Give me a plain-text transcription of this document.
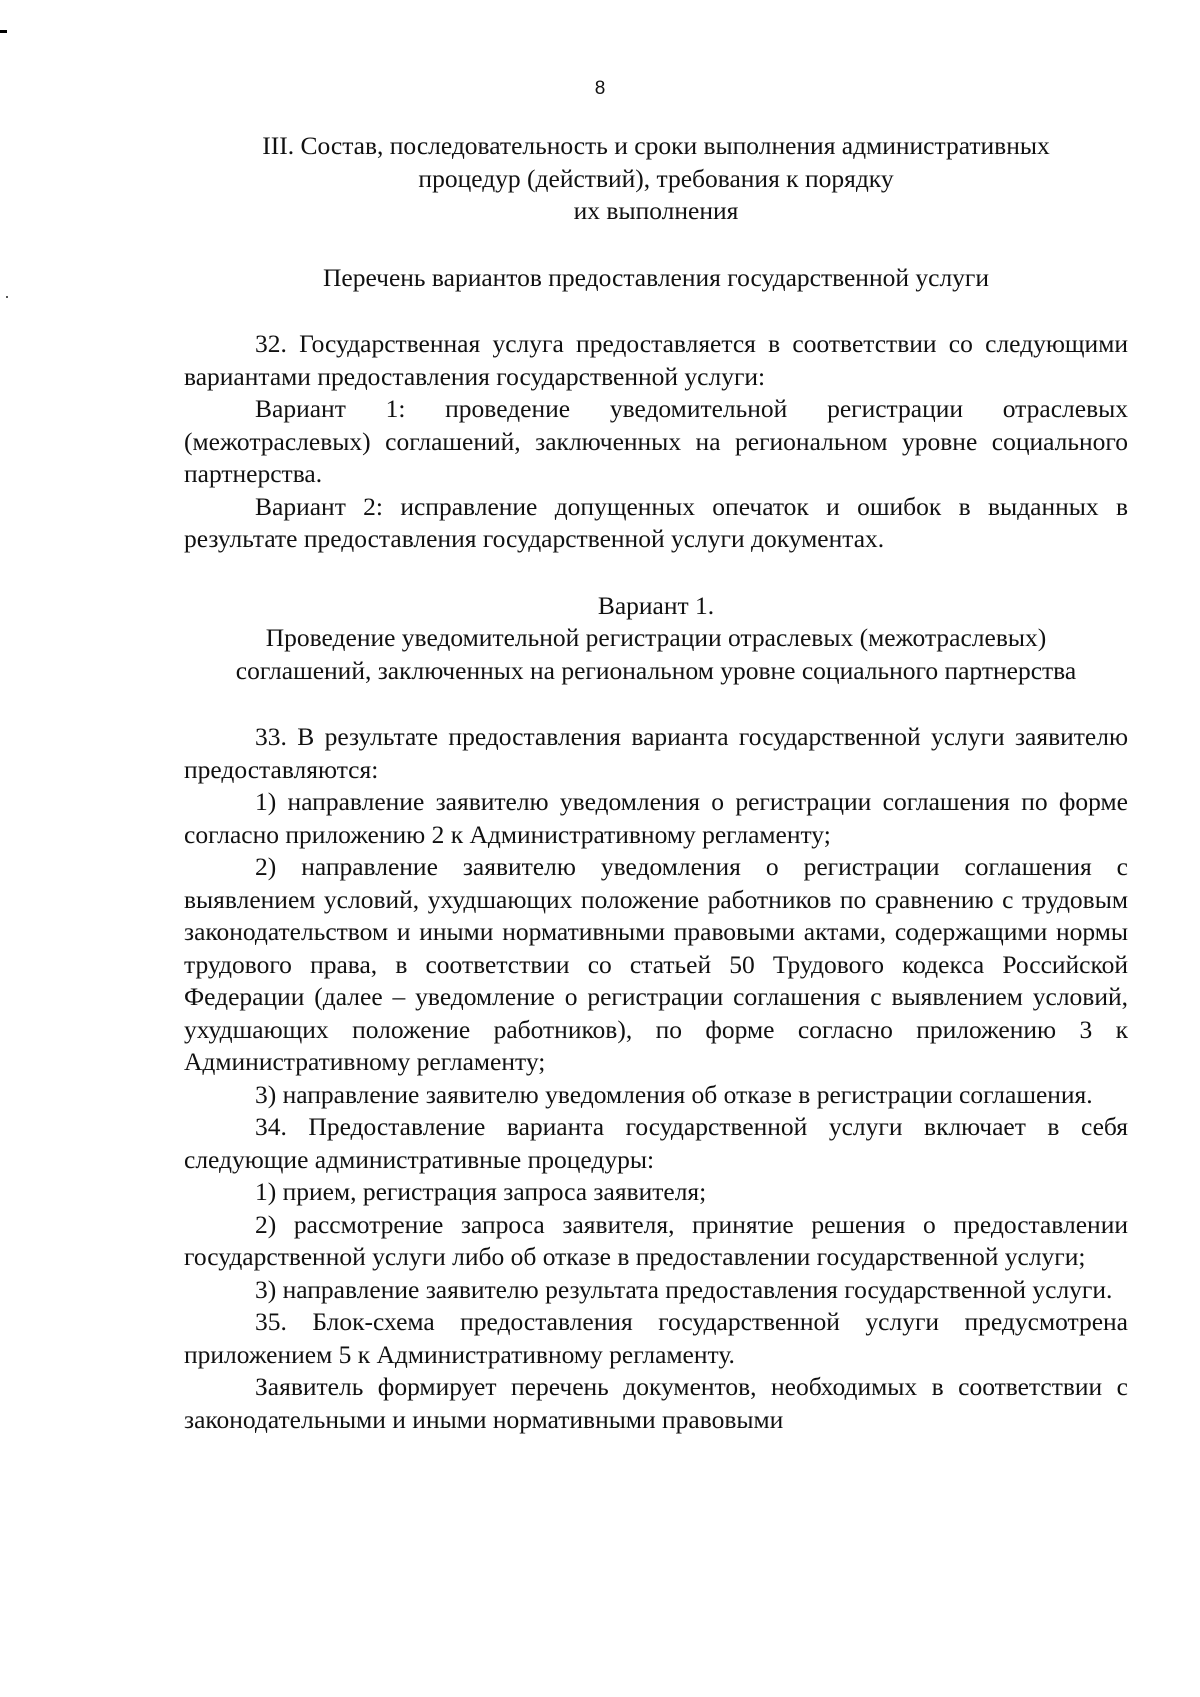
8
III. Состав, последовательность и сроки выполнения административных
процедур (действий), требования к порядку
их выполнения

Перечень вариантов предоставления государственной услуги

32. Государственная услуга предоставляется в соответствии со следующими вариантами предоставления государственной услуги:

Вариант 1: проведение уведомительной регистрации отраслевых (межотраслевых) соглашений, заключенных на региональном уровне социального партнерства.

Вариант 2: исправление допущенных опечаток и ошибок в выданных в результате предоставления государственной услуги документах.

Вариант 1.

Проведение уведомительной регистрации отраслевых (межотраслевых)

соглашений, заключенных на региональном уровне социального партнерства

33. В результате предоставления варианта государственной услуги заявителю предоставляются:

1) направление заявителю уведомления о регистрации соглашения по форме согласно приложению 2 к Административному регламенту;

2) направление заявителю уведомления о регистрации соглашения с выявлением условий, ухудшающих положение работников по сравнению с трудовым законодательством и иными нормативными правовыми актами, содержащими нормы трудового права, в соответствии со статьей 50 Трудового кодекса Российской Федерации (далее – уведомление о регистрации соглашения с выявлением условий, ухудшающих положение работников), по форме согласно приложению 3 к Административному регламенту;

3) направление заявителю уведомления об отказе в регистрации соглашения.

34. Предоставление варианта государственной услуги включает в себя следующие административные процедуры:

1) прием, регистрация запроса заявителя;

2) рассмотрение запроса заявителя, принятие решения о предоставлении государственной услуги либо об отказе в предоставлении государственной услуги;

3) направление заявителю результата предоставления государственной услуги.

35. Блок-схема предоставления государственной услуги предусмотрена приложением 5 к Административному регламенту.

Заявитель формирует перечень документов, необходимых в соответствии с законодательными и иными нормативными правовыми
